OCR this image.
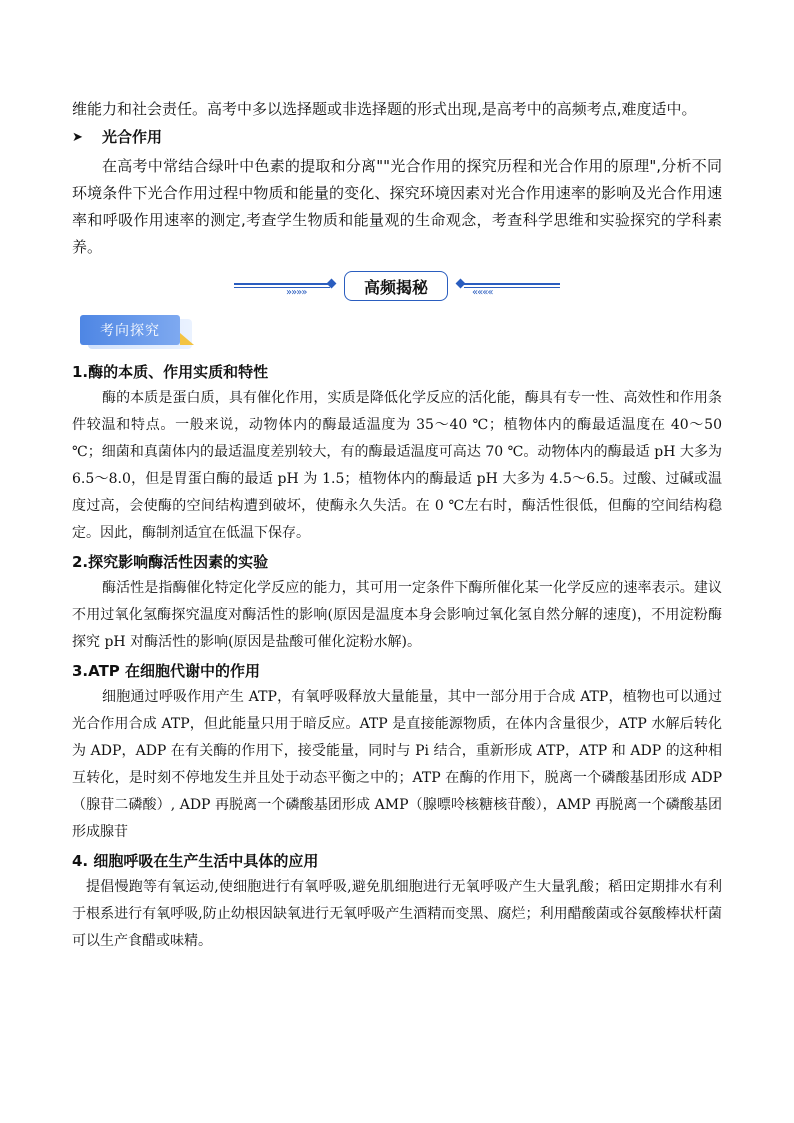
维能力和社会责任。高考中多以选择题或非选择题的形式出现,是高考中的高频考点,难度适中。

➤	光合作用

在高考中常结合绿叶中色素的提取和分离""光合作用的探究历程和光合作用的原理",分析不同环境条件下光合作用过程中物质和能量的变化、探究环境因素对光合作用速率的影响及光合作用速率和呼吸作用速率的测定,考查学生物质和能量观的生命观念，考查科学思维和实验探究的学科素养。

»»»»	高频揭秘	««««
考向探究

1.酶的本质、作用实质和特性

酶的本质是蛋白质，具有催化作用，实质是降低化学反应的活化能，酶具有专一性、高效性和作用条件较温和特点。一般来说，动物体内的酶最适温度为 35～40 ℃；植物体内的酶最适温度在 40～50 ℃；细菌和真菌体内的最适温度差别较大，有的酶最适温度可高达 70 ℃。动物体内的酶最适 pH 大多为 6.5～8.0，但是胃蛋白酶的最适 pH 为 1.5；植物体内的酶最适 pH 大多为 4.5～6.5。过酸、过碱或温度过高，会使酶的空间结构遭到破坏，使酶永久失活。在 0 ℃左右时，酶活性很低，但酶的空间结构稳定。因此，酶制剂适宜在低温下保存。

2.探究影响酶活性因素的实验

酶活性是指酶催化特定化学反应的能力，其可用一定条件下酶所催化某一化学反应的速率表示。建议不用过氧化氢酶探究温度对酶活性的影响(原因是温度本身会影响过氧化氢自然分解的速度)，不用淀粉酶探究 pH 对酶活性的影响(原因是盐酸可催化淀粉水解)。

3.ATP 在细胞代谢中的作用

细胞通过呼吸作用产生 ATP，有氧呼吸释放大量能量，其中一部分用于合成 ATP，植物也可以通过光合作用合成 ATP，但此能量只用于暗反应。ATP 是直接能源物质，在体内含量很少，ATP 水解后转化为 ADP，ADP 在有关酶的作用下，接受能量，同时与 Pi 结合，重新形成 ATP，ATP 和 ADP 的这种相互转化，是时刻不停地发生并且处于动态平衡之中的；ATP 在酶的作用下，脱离一个磷酸基团形成 ADP（腺苷二磷酸）, ADP 再脱离一个磷酸基团形成 AMP（腺嘌呤核糖核苷酸），AMP 再脱离一个磷酸基团形成腺苷

4. 细胞呼吸在生产生活中具体的应用

提倡慢跑等有氧运动,使细胞进行有氧呼吸,避免肌细胞进行无氧呼吸产生大量乳酸；稻田定期排水有利于根系进行有氧呼吸,防止幼根因缺氧进行无氧呼吸产生酒精而变黑、腐烂；利用醋酸菌或谷氨酸棒状杆菌可以生产食醋或味精。
